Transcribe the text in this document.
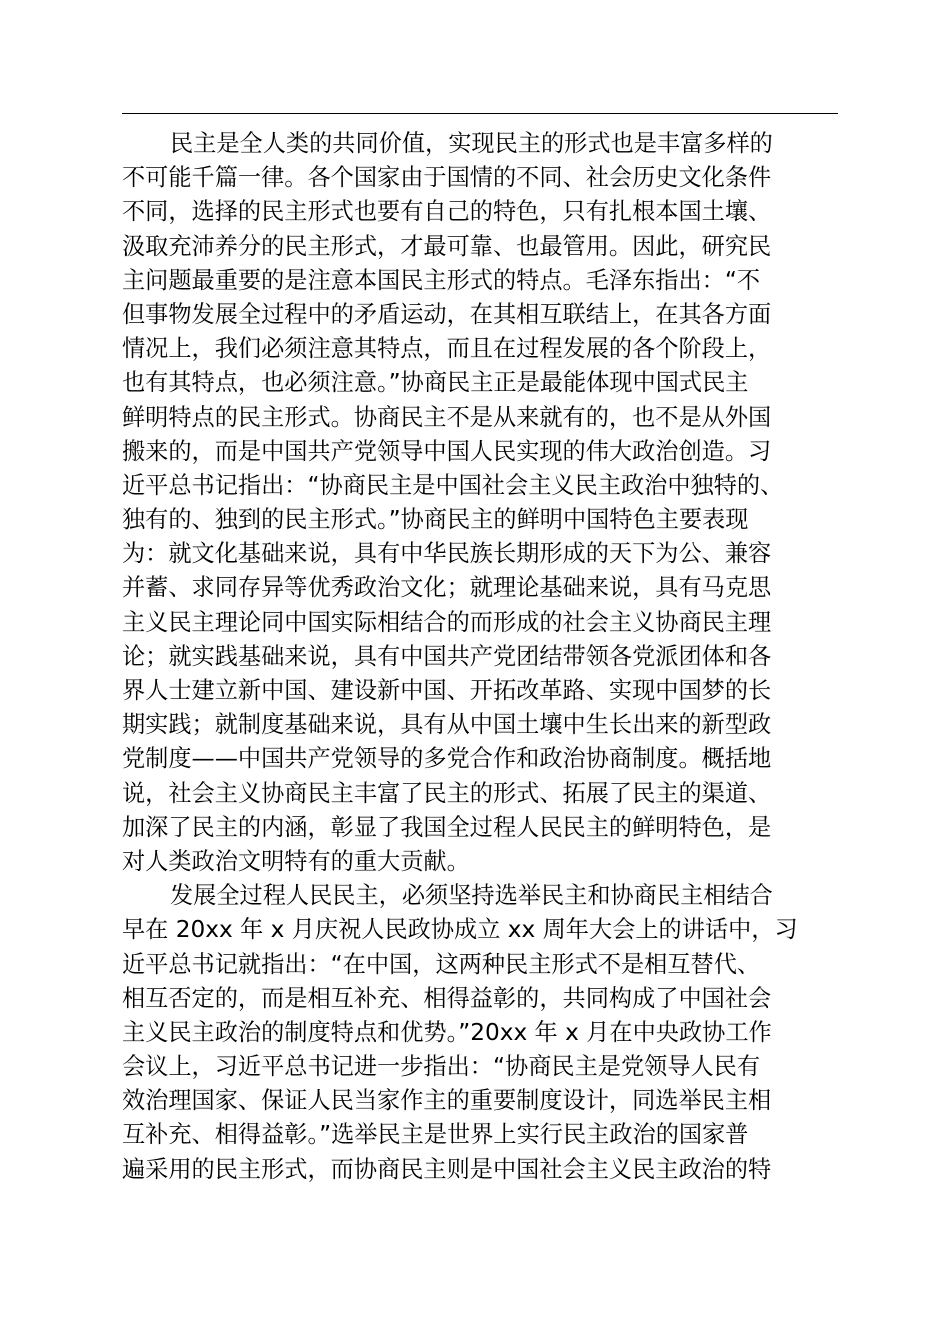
民主是全人类的共同价值，实现民主的形式也是丰富多样的
不可能千篇一律。各个国家由于国情的不同、社会历史文化条件
不同，选择的民主形式也要有自己的特色，只有扎根本国土壤、
汲取充沛养分的民主形式，才最可靠、也最管用。因此，研究民
主问题最重要的是注意本国民主形式的特点。毛泽东指出：“不
但事物发展全过程中的矛盾运动，在其相互联结上，在其各方面
情况上，我们必须注意其特点，而且在过程发展的各个阶段上，
也有其特点，也必须注意。”协商民主正是最能体现中国式民主
鲜明特点的民主形式。协商民主不是从来就有的，也不是从外国
搬来的，而是中国共产党领导中国人民实现的伟大政治创造。习
近平总书记指出：“协商民主是中国社会主义民主政治中独特的、
独有的、独到的民主形式。”协商民主的鲜明中国特色主要表现
为：就文化基础来说，具有中华民族长期形成的天下为公、兼容
并蓄、求同存异等优秀政治文化；就理论基础来说，具有马克思
主义民主理论同中国实际相结合的而形成的社会主义协商民主理
论；就实践基础来说，具有中国共产党团结带领各党派团体和各
界人士建立新中国、建设新中国、开拓改革路、实现中国梦的长
期实践；就制度基础来说，具有从中国土壤中生长出来的新型政
党制度——中国共产党领导的多党合作和政治协商制度。概括地
说，社会主义协商民主丰富了民主的形式、拓展了民主的渠道、
加深了民主的内涵，彰显了我国全过程人民民主的鲜明特色，是
对人类政治文明特有的重大贡献。
发展全过程人民民主，必须坚持选举民主和协商民主相结合
早在 20xx 年 x 月庆祝人民政协成立 xx 周年大会上的讲话中，习
近平总书记就指出：“在中国，这两种民主形式不是相互替代、
相互否定的，而是相互补充、相得益彰的，共同构成了中国社会
主义民主政治的制度特点和优势。”20xx 年 x 月在中央政协工作
会议上，习近平总书记进一步指出：“协商民主是党领导人民有
效治理国家、保证人民当家作主的重要制度设计，同选举民主相
互补充、相得益彰。”选举民主是世界上实行民主政治的国家普
遍采用的民主形式，而协商民主则是中国社会主义民主政治的特
